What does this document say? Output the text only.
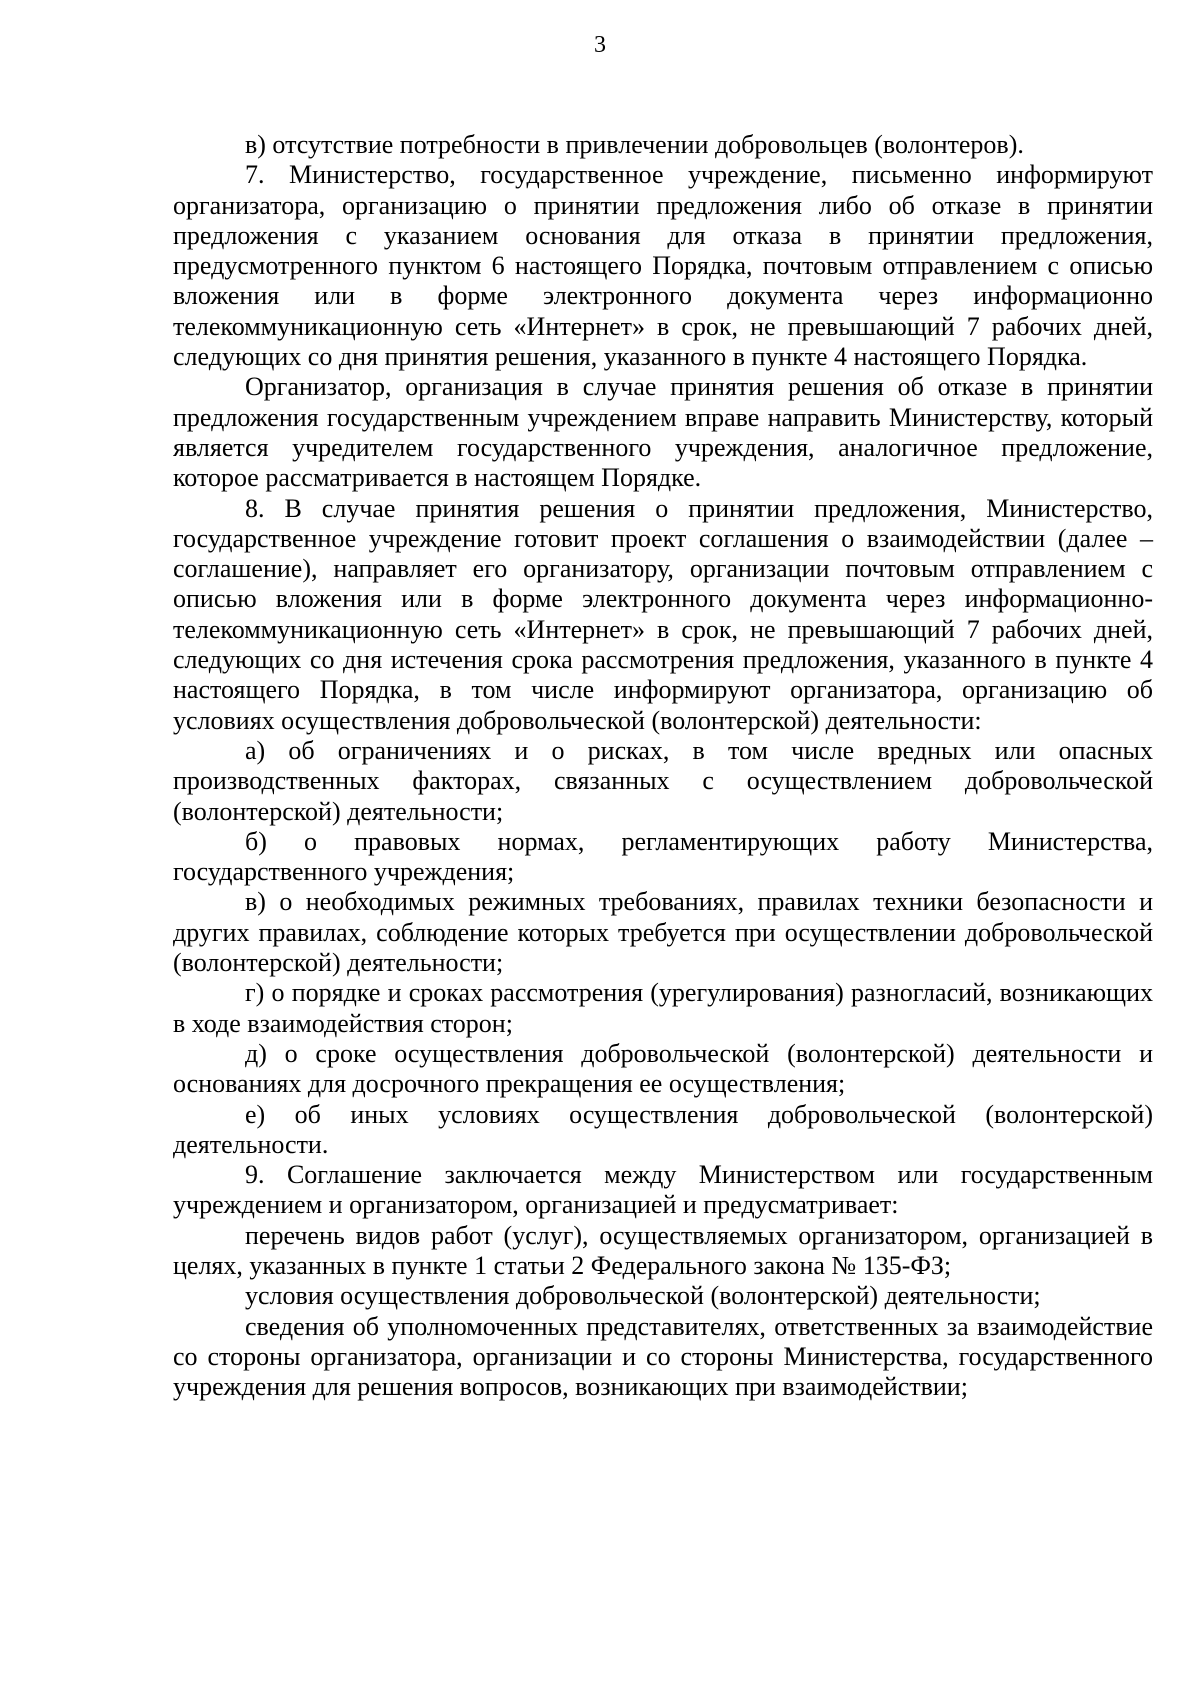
3

в) отсутствие потребности в привлечении добровольцев (волонтеров).

7. Министерство, государственное учреждение, письменно информируют организатора, организацию о принятии предложения либо об отказе в принятии предложения с указанием основания для отказа в принятии предложения, предусмотренного пунктом 6 настоящего Порядка, почтовым отправлением с описью вложения или в форме электронного документа через информационно телекоммуникационную сеть «Интернет» в срок, не превышающий 7 рабочих дней, следующих со дня принятия решения, указанного в пункте 4 настоящего Порядка.

Организатор, организация в случае принятия решения об отказе в принятии предложения государственным учреждением вправе направить Министерству, который является учредителем государственного учреждения, аналогичное предложение, которое рассматривается в настоящем Порядке.

8. В случае принятия решения о принятии предложения, Министерство, государственное учреждение готовит проект соглашения о взаимодействии (далее – соглашение), направляет его организатору, организации почтовым отправлением с описью вложения или в форме электронного документа через информационно-телекоммуникационную сеть «Интернет» в срок, не превышающий 7 рабочих дней, следующих со дня истечения срока рассмотрения предложения, указанного в пункте 4 настоящего Порядка, в том числе информируют организатора, организацию об условиях осуществления добровольческой (волонтерской) деятельности:

а) об ограничениях и о рисках, в том числе вредных или опасных производственных факторах, связанных с осуществлением добровольческой (волонтерской) деятельности;

б) о правовых нормах, регламентирующих работу Министерства, государственного учреждения;

в) о необходимых режимных требованиях, правилах техники безопасности и других правилах, соблюдение которых требуется при осуществлении добровольческой (волонтерской) деятельности;

г) о порядке и сроках рассмотрения (урегулирования) разногласий, возникающих в ходе взаимодействия сторон;

д) о сроке осуществления добровольческой (волонтерской) деятельности и основаниях для досрочного прекращения ее осуществления;

е) об иных условиях осуществления добровольческой (волонтерской) деятельности.

9. Соглашение заключается между Министерством или государственным учреждением и организатором, организацией и предусматривает:

перечень видов работ (услуг), осуществляемых организатором, организацией в целях, указанных в пункте 1 статьи 2 Федерального закона № 135-ФЗ;

условия осуществления добровольческой (волонтерской) деятельности;

сведения об уполномоченных представителях, ответственных за взаимодействие со стороны организатора, организации и со стороны Министерства, государственного учреждения для решения вопросов, возникающих при взаимодействии;
